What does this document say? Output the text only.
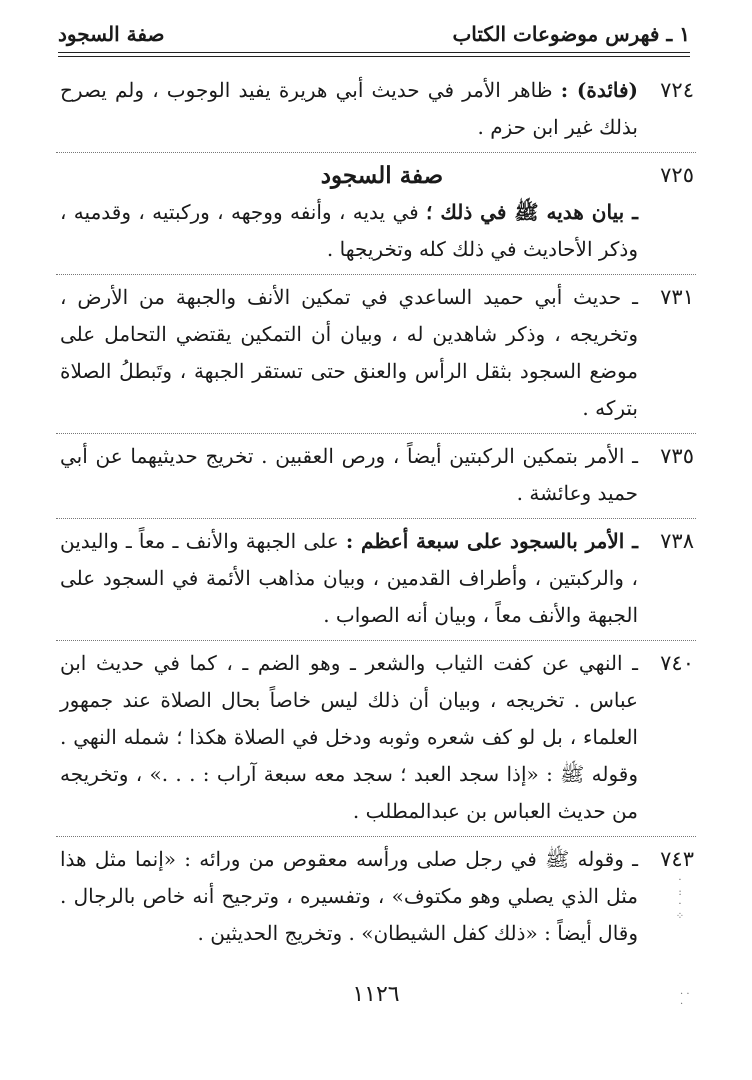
١ ـ فهرس موضوعات الكتاب
صفة السجود
٧٢٤
(فائدة) : ظاهر الأمر في حديث أبي هريرة يفيد الوجوب ، ولم يصرح بذلك غير ابن حزم .
٧٢٥
صفة السجود
ـ بيان هديه ﷺ في ذلك ؛ في يديه ، وأنفه ووجهه ، وركبتيه ، وقدميه ، وذكر الأحاديث في ذلك كله وتخريجها .
٧٣١
ـ حديث أبي حميد الساعدي في تمكين الأنف والجبهة من الأرض ، وتخريجه ، وذكر شاهدين له ، وبيان أن التمكين يقتضي التحامل على موضع السجود بثقل الرأس والعنق حتى تستقر الجبهة ، وتَبطلُ الصلاة بتركه .
٧٣٥
ـ الأمر بتمكين الركبتين أيضاً ، ورص العقبين . تخريج حديثيهما عن أبي حميد وعائشة .
٧٣٨
ـ الأمر بالسجود على سبعة أعظم : على الجبهة والأنف ـ معاً ـ واليدين ، والركبتين ، وأطراف القدمين ، وبيان مذاهب الأئمة في السجود على الجبهة والأنف معاً ، وبيان أنه الصواب .
٧٤٠
ـ النهي عن كفت الثياب والشعر ـ وهو الضم ـ ، كما في حديث ابن عباس . تخريجه ، وبيان أن ذلك ليس خاصاً بحال الصلاة عند جمهور العلماء ، بل لو كف شعره وثوبه ودخل في الصلاة هكذا ؛ شمله النهي . وقوله ﷺ : «إذا سجد العبد ؛ سجد معه سبعة آراب : . . .» ، وتخريجه من حديث العباس بن عبدالمطلب .
٧٤٣
ـ وقوله ﷺ في رجل صلى ورأسه معقوص من ورائه : «إنما مثل هذا مثل الذي يصلي وهو مكتوف» ، وتفسيره ، وترجيح أنه خاص بالرجال . وقال أيضاً : «ذلك كفل الشيطان» . وتخريج الحديثين .
·
:
·
⁘
· ·
·
١١٢٦
